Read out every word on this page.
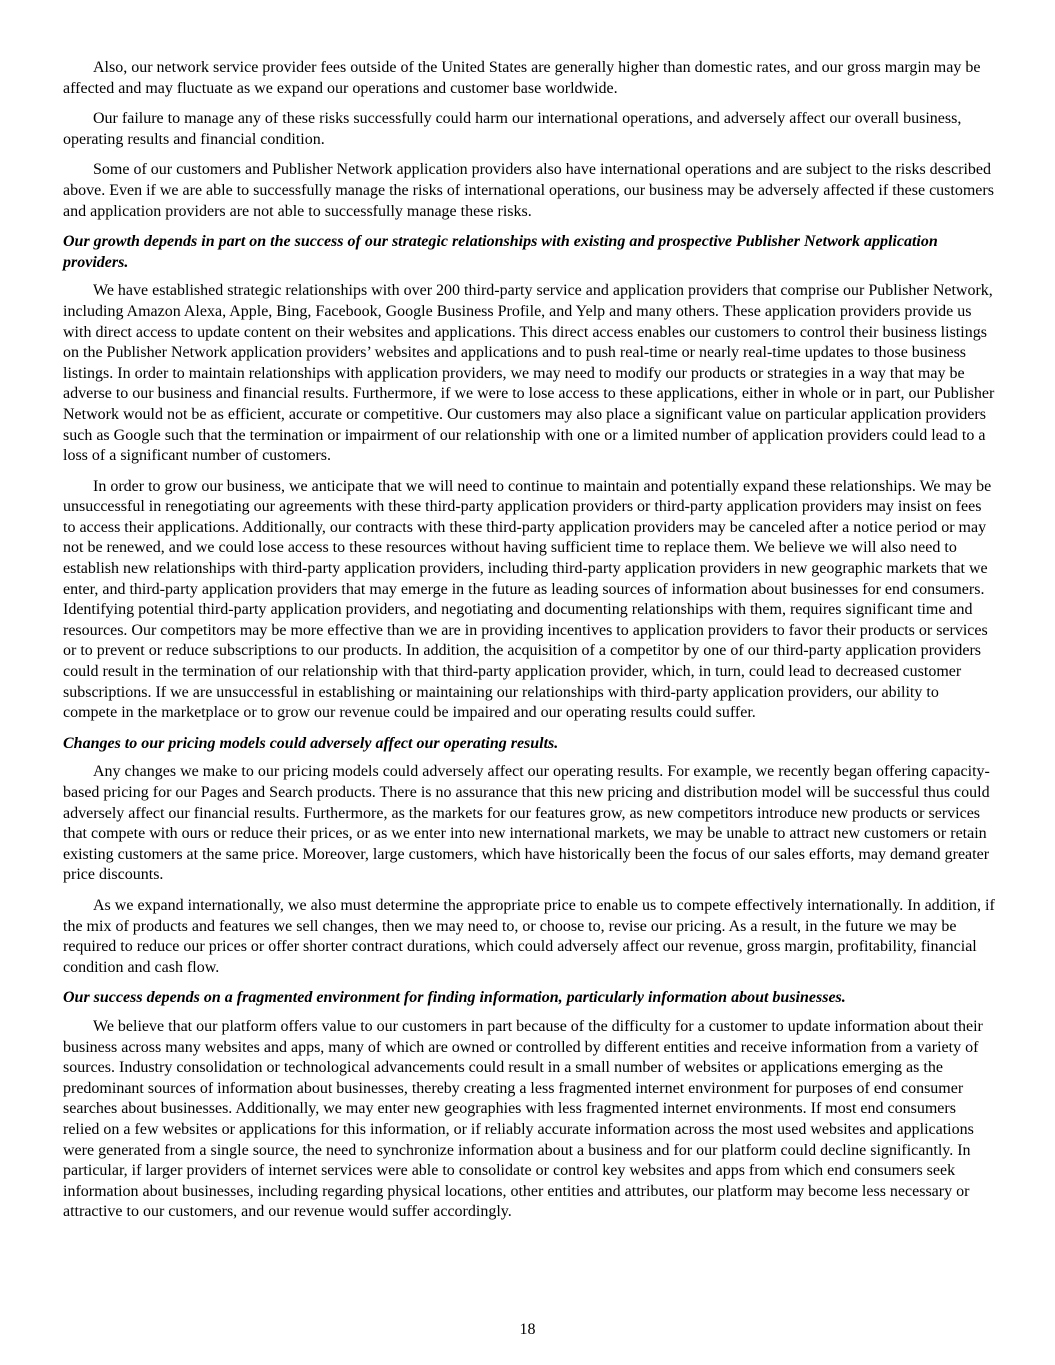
Also, our network service provider fees outside of the United States are generally higher than domestic rates, and our gross margin may be affected and may fluctuate as we expand our operations and customer base worldwide.

Our failure to manage any of these risks successfully could harm our international operations, and adversely affect our overall business, operating results and financial condition.

Some of our customers and Publisher Network application providers also have international operations and are subject to the risks described above. Even if we are able to successfully manage the risks of international operations, our business may be adversely affected if these customers and application providers are not able to successfully manage these risks.

Our growth depends in part on the success of our strategic relationships with existing and prospective Publisher Network application providers.

We have established strategic relationships with over 200 third-party service and application providers that comprise our Publisher Network, including Amazon Alexa, Apple, Bing, Facebook, Google Business Profile, and Yelp and many others. These application providers provide us with direct access to update content on their websites and applications. This direct access enables our customers to control their business listings on the Publisher Network application providers’ websites and applications and to push real-time or nearly real-time updates to those business listings. In order to maintain relationships with application providers, we may need to modify our products or strategies in a way that may be adverse to our business and financial results. Furthermore, if we were to lose access to these applications, either in whole or in part, our Publisher Network would not be as efficient, accurate or competitive. Our customers may also place a significant value on particular application providers such as Google such that the termination or impairment of our relationship with one or a limited number of application providers could lead to a loss of a significant number of customers.

In order to grow our business, we anticipate that we will need to continue to maintain and potentially expand these relationships. We may be unsuccessful in renegotiating our agreements with these third-party application providers or third-party application providers may insist on fees to access their applications. Additionally, our contracts with these third-party application providers may be canceled after a notice period or may not be renewed, and we could lose access to these resources without having sufficient time to replace them. We believe we will also need to establish new relationships with third-party application providers, including third-party application providers in new geographic markets that we enter, and third-party application providers that may emerge in the future as leading sources of information about businesses for end consumers. Identifying potential third-party application providers, and negotiating and documenting relationships with them, requires significant time and resources. Our competitors may be more effective than we are in providing incentives to application providers to favor their products or services or to prevent or reduce subscriptions to our products. In addition, the acquisition of a competitor by one of our third-party application providers could result in the termination of our relationship with that third-party application provider, which, in turn, could lead to decreased customer subscriptions. If we are unsuccessful in establishing or maintaining our relationships with third-party application providers, our ability to compete in the marketplace or to grow our revenue could be impaired and our operating results could suffer.

Changes to our pricing models could adversely affect our operating results.

Any changes we make to our pricing models could adversely affect our operating results. For example, we recently began offering capacity-based pricing for our Pages and Search products. There is no assurance that this new pricing and distribution model will be successful thus could adversely affect our financial results. Furthermore, as the markets for our features grow, as new competitors introduce new products or services that compete with ours or reduce their prices, or as we enter into new international markets, we may be unable to attract new customers or retain existing customers at the same price. Moreover, large customers, which have historically been the focus of our sales efforts, may demand greater price discounts.

As we expand internationally, we also must determine the appropriate price to enable us to compete effectively internationally. In addition, if the mix of products and features we sell changes, then we may need to, or choose to, revise our pricing. As a result, in the future we may be required to reduce our prices or offer shorter contract durations, which could adversely affect our revenue, gross margin, profitability, financial condition and cash flow.

Our success depends on a fragmented environment for finding information, particularly information about businesses.

We believe that our platform offers value to our customers in part because of the difficulty for a customer to update information about their business across many websites and apps, many of which are owned or controlled by different entities and receive information from a variety of sources. Industry consolidation or technological advancements could result in a small number of websites or applications emerging as the predominant sources of information about businesses, thereby creating a less fragmented internet environment for purposes of end consumer searches about businesses. Additionally, we may enter new geographies with less fragmented internet environments. If most end consumers relied on a few websites or applications for this information, or if reliably accurate information across the most used websites and applications were generated from a single source, the need to synchronize information about a business and for our platform could decline significantly. In particular, if larger providers of internet services were able to consolidate or control key websites and apps from which end consumers seek information about businesses, including regarding physical locations, other entities and attributes, our platform may become less necessary or attractive to our customers, and our revenue would suffer accordingly.

18
